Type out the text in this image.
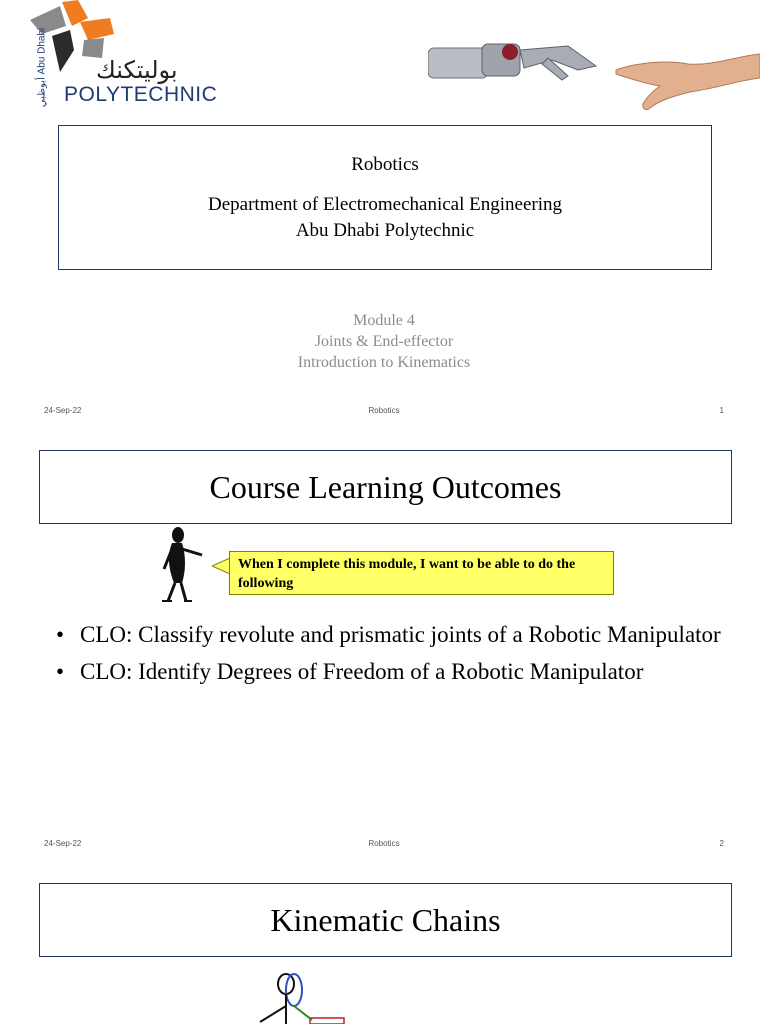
أبوظبي Abu Dhabi بوليتكنك
POLYTECHNIC
Robotics
Department of Electromechanical Engineering
Abu Dhabi Polytechnic
Module 4
Joints & End-effector
Introduction to Kinematics
24-Sep-22	Robotics	1
Course Learning Outcomes
When I complete this module, I want to be able to do the following
• CLO: Classify revolute and prismatic joints of a Robotic Manipulator
• CLO: Identify Degrees of Freedom of a Robotic Manipulator
24-Sep-22	Robotics	2
Kinematic Chains
